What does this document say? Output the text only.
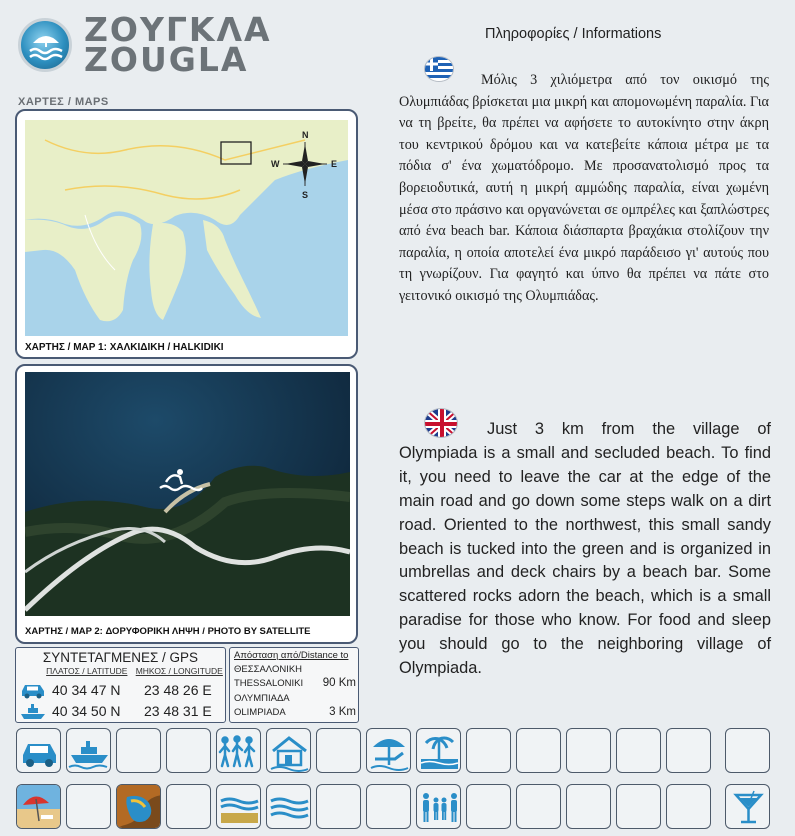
ΖΟΥΓΚΛΑ
ZOUGLA
ΧΑΡΤΕΣ / MAPS
N
S
W	E
ΧΑΡΤΗΣ / MAP 1: ΧΑΛΚΙΔΙΚΗ / HALKIDIKI
ΧΑΡΤΗΣ / MAP 2: ΔΟΡΥΦΟΡΙΚΗ ΛΗΨΗ / PHOTO BY SATELLITE
ΣΥΝΤΕΤΑΓΜΕΝΕΣ / GPS
ΠΛΑΤΟΣ / LATITUDE ΜΗΚΟΣ / LONGITUDE
40 34 47 N 23 48 26 E
40 34 50 N 23 48 31 E
Απόσταση από/Distance to
ΘΕΣΣΑΛΟΝΙΚΗ
THESSALONIKI	90 Km
ΟΛΥΜΠΙΑΔΑ
OLIMPIADA	3 Km
Πληροφορίες / Informations
Μόλις 3 χιλιόμετρα από τον οικισμό της Ολυμπιάδας βρίσκεται μια μικρή και απομονωμένη παραλία. Για να τη βρείτε, θα πρέπει να αφήσετε το αυτοκίνητο στην άκρη του κεντρικού δρόμου και να κατεβείτε κάποια μέτρα με τα πόδια σ' ένα χωματόδρομο. Με προσανατολισμό προς τα βορειοδυτικά, αυτή η μικρή αμμώδης παραλία, είναι χωμένη μέσα στο πράσινο και οργανώνεται σε ομπρέλες και ξαπλώστρες από ένα beach bar. Κάποια διάσπαρτα βραχάκια στολίζουν την παραλία, η οποία αποτελεί ένα μικρό παράδεισο γι' αυτούς που τη γνωρίζουν. Για φαγητό και ύπνο θα πρέπει να πάτε στο γειτονικό οικισμό της Ολυμπιάδας.
Just 3 km from the village of Olympiada is a small and secluded beach. To find it, you need to leave the car at the edge of the main road and go down some steps walk on a dirt road. Oriented to the northwest, this small sandy beach is tucked into the green and is organized in umbrellas and deck chairs by a beach bar. Some scattered rocks adorn the beach, which is a small paradise for those who know. For food and sleep you should go to the neighboring village of Olympiada.
